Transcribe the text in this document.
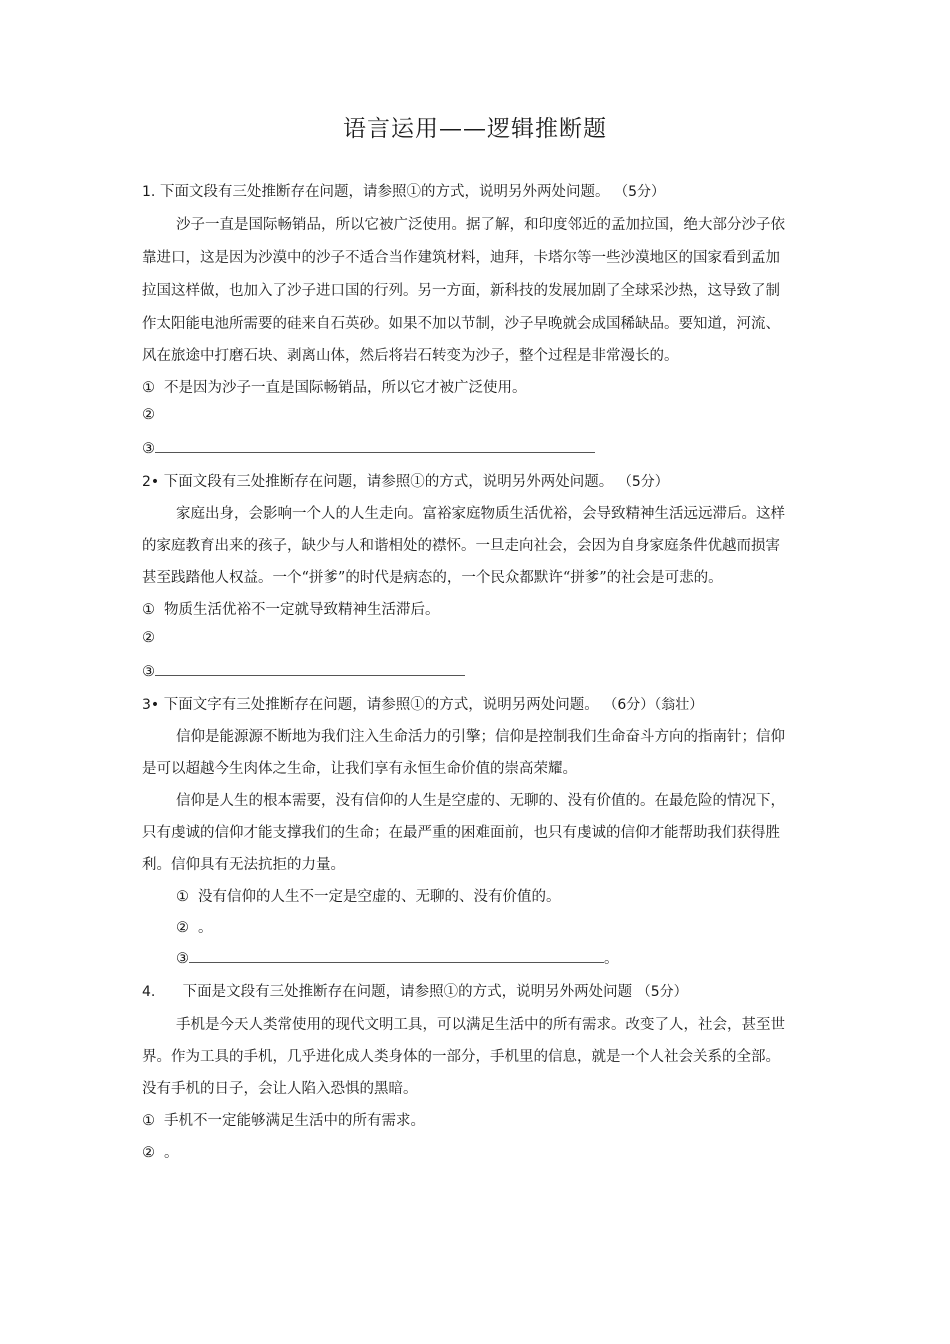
语言运用——逻辑推断题
1. 下面文段有三处推断存在问题，请参照①的方式，说明另外两处问题。 （5分）
沙子一直是国际畅销品，所以它被广泛使用。据了解，和印度邻近的孟加拉国，绝大部分沙子依
靠进口，这是因为沙漠中的沙子不适合当作建筑材料，迪拜，卡塔尔等一些沙漠地区的国家看到孟加
拉国这样做，也加入了沙子进口国的行列。另一方面，新科技的发展加剧了全球采沙热，这导致了制
作太阳能电池所需要的硅来自石英砂。如果不加以节制，沙子早晚就会成国稀缺品。要知道，河流、
风在旅途中打磨石块、剥离山体，然后将岩石转变为沙子，整个过程是非常漫长的。
① 不是因为沙子一直是国际畅销品，所以它才被广泛使用。
②
③
2• 下面文段有三处推断存在问题，请参照①的方式，说明另外两处问题。 （5分）
家庭出身，会影响一个人的人生走向。富裕家庭物质生活优裕，会导致精神生活远远滞后。这样
的家庭教育出来的孩子，缺少与人和谐相处的襟怀。一旦走向社会，会因为自身家庭条件优越而损害
甚至践踏他人权益。一个“拼爹”的时代是病态的，一个民众都默许“拼爹”的社会是可悲的。
① 物质生活优裕不一定就导致精神生活滞后。
②
③
3• 下面文字有三处推断存在问题，请参照①的方式，说明另两处问题。 （6分）（翁壮）
信仰是能源源不断地为我们注入生命活力的引擎；信仰是控制我们生命奋斗方向的指南针；信仰
是可以超越今生肉体之生命，让我们享有永恒生命价值的崇高荣耀。
信仰是人生的根本需要，没有信仰的人生是空虚的、无聊的、没有价值的。在最危险的情况下，
只有虔诚的信仰才能支撑我们的生命；在最严重的困难面前，也只有虔诚的信仰才能帮助我们获得胜
利。信仰具有无法抗拒的力量。
① 没有信仰的人生不一定是空虚的、无聊的、没有价值的。
② 。
③	。
4. 下面是文段有三处推断存在问题，请参照①的方式，说明另外两处问题 （5分）
手机是今天人类常使用的现代文明工具，可以满足生活中的所有需求。改变了人，社会，甚至世
界。作为工具的手机，几乎进化成人类身体的一部分，手机里的信息，就是一个人社会关系的全部。
没有手机的日子，会让人陷入恐惧的黑暗。
① 手机不一定能够满足生活中的所有需求。
② 。
